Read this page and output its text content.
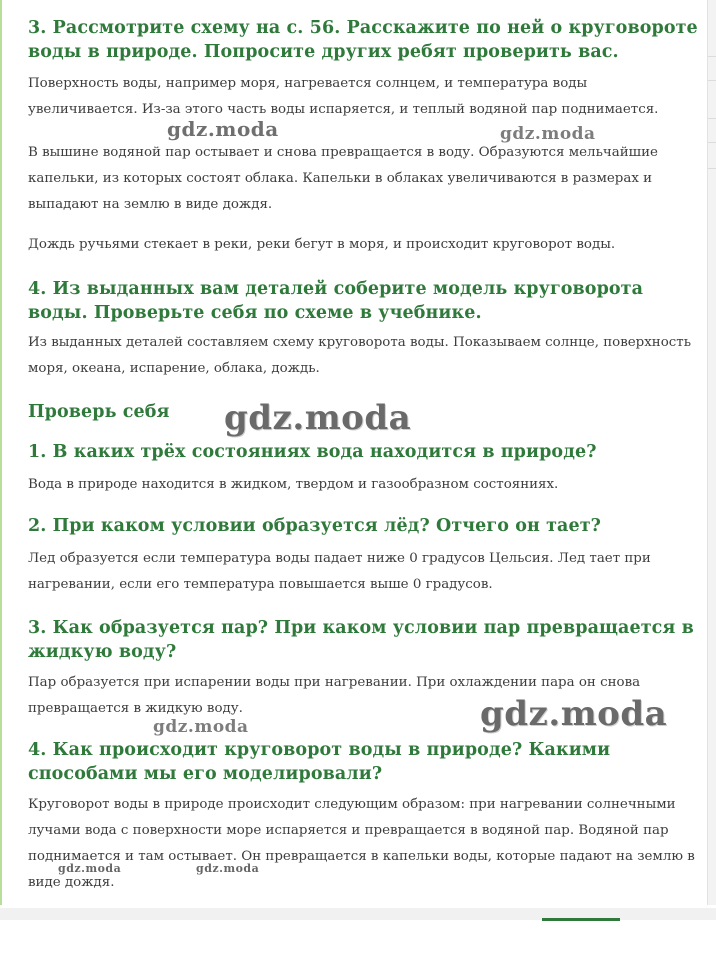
3. Рассмотрите схему на с. 56. Расскажите по ней о круговороте воды в природе. Попросите других ребят проверить вас.

Поверхность воды, например моря, нагревается солнцем, и температура воды увеличивается. Из-за этого часть воды испаряется, и теплый водяной пар поднимается.

В вышине водяной пар остывает и снова превращается в воду. Образуются мельчайшие капельки, из которых состоят облака. Капельки в облаках увеличиваются в размерах и выпадают на землю в виде дождя.

Дождь ручьями стекает в реки, реки бегут в моря, и происходит круговорот воды.

4. Из выданных вам деталей соберите модель круговорота воды. Проверьте себя по схеме в учебнике.

Из выданных деталей составляем схему круговорота воды. Показываем солнце, поверхность моря, океана, испарение, облака, дождь.

Проверь себя
1. В каких трёх состояниях вода находится в природе?

Вода в природе находится в жидком, твердом и газообразном состояниях.

2. При каком условии образуется лёд? Отчего он тает?

Лед образуется если температура воды падает ниже 0 градусов Цельсия. Лед тает при нагревании, если его температура повышается выше 0 градусов.

3. Как образуется пар? При каком условии пар превращается в жидкую воду?

Пар образуется при испарении воды при нагревании. При охлаждении пара он снова превращается в жидкую воду.

4. Как происходит круговорот воды в природе? Какими способами мы его моделировали?

Круговорот воды в природе происходит следующим образом: при нагревании солнечными лучами вода с поверхности море испаряется и превращается в водяной пар. Водяной пар поднимается и там остывает. Он превращается в капельки воды, которые падают на землю в виде дождя.

gdz.moda	gdz.moda
gdz.moda
gdz.moda
gdz.moda
gdz.moda	gdz.moda
